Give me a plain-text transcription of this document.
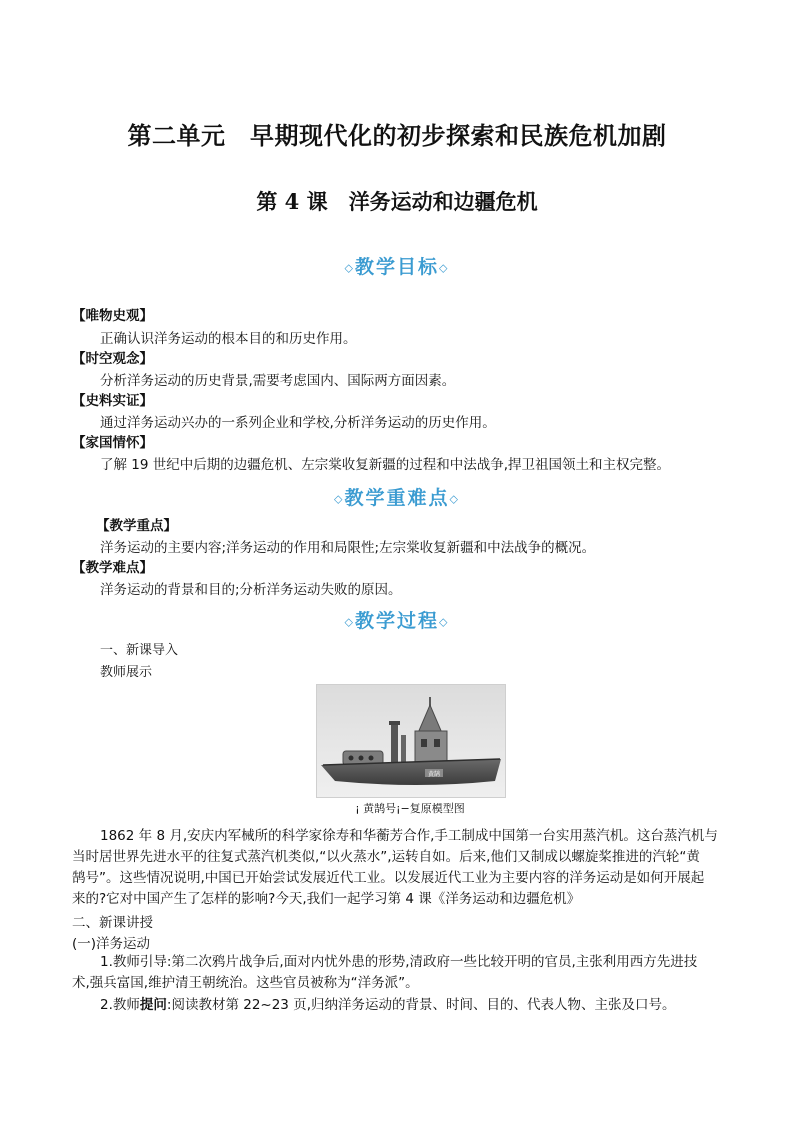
第二单元　早期现代化的初步探索和民族危机加剧
第 4 课　洋务运动和边疆危机
◇教学目标◇
【唯物史观】
正确认识洋务运动的根本目的和历史作用。
【时空观念】
分析洋务运动的历史背景,需要考虑国内、国际两方面因素。
【史料实证】
通过洋务运动兴办的一系列企业和学校,分析洋务运动的历史作用。
【家国情怀】
了解 19 世纪中后期的边疆危机、左宗棠收复新疆的过程和中法战争,捍卫祖国领土和主权完整。
◇教学重难点◇
【教学重点】
洋务运动的主要内容;洋务运动的作用和局限性;左宗棠收复新疆和中法战争的概况。
【教学难点】
洋务运动的背景和目的;分析洋务运动失败的原因。
◇教学过程◇
一、新课导入
教师展示
黄鹄
¡ 黄鹄号¡−复原模型图
1862 年 8 月,安庆内军械所的科学家徐寿和华蘅芳合作,手工制成中国第一台实用蒸汽机。这台蒸汽机与
当时居世界先进水平的往复式蒸汽机类似,“以火蒸水”,运转自如。后来,他们又制成以螺旋桨推进的汽轮“黄
鹄号”。这些情况说明,中国已开始尝试发展近代工业。以发展近代工业为主要内容的洋务运动是如何开展起
来的?它对中国产生了怎样的影响?今天,我们一起学习第 4 课《洋务运动和边疆危机》
二、新课讲授
(一)洋务运动
1.教师引导:第二次鸦片战争后,面对内忧外患的形势,清政府一些比较开明的官员,主张利用西方先进技
术,强兵富国,维护清王朝统治。这些官员被称为“洋务派”。
2.教师提问:阅读教材第 22~23 页,归纳洋务运动的背景、时间、目的、代表人物、主张及口号。
